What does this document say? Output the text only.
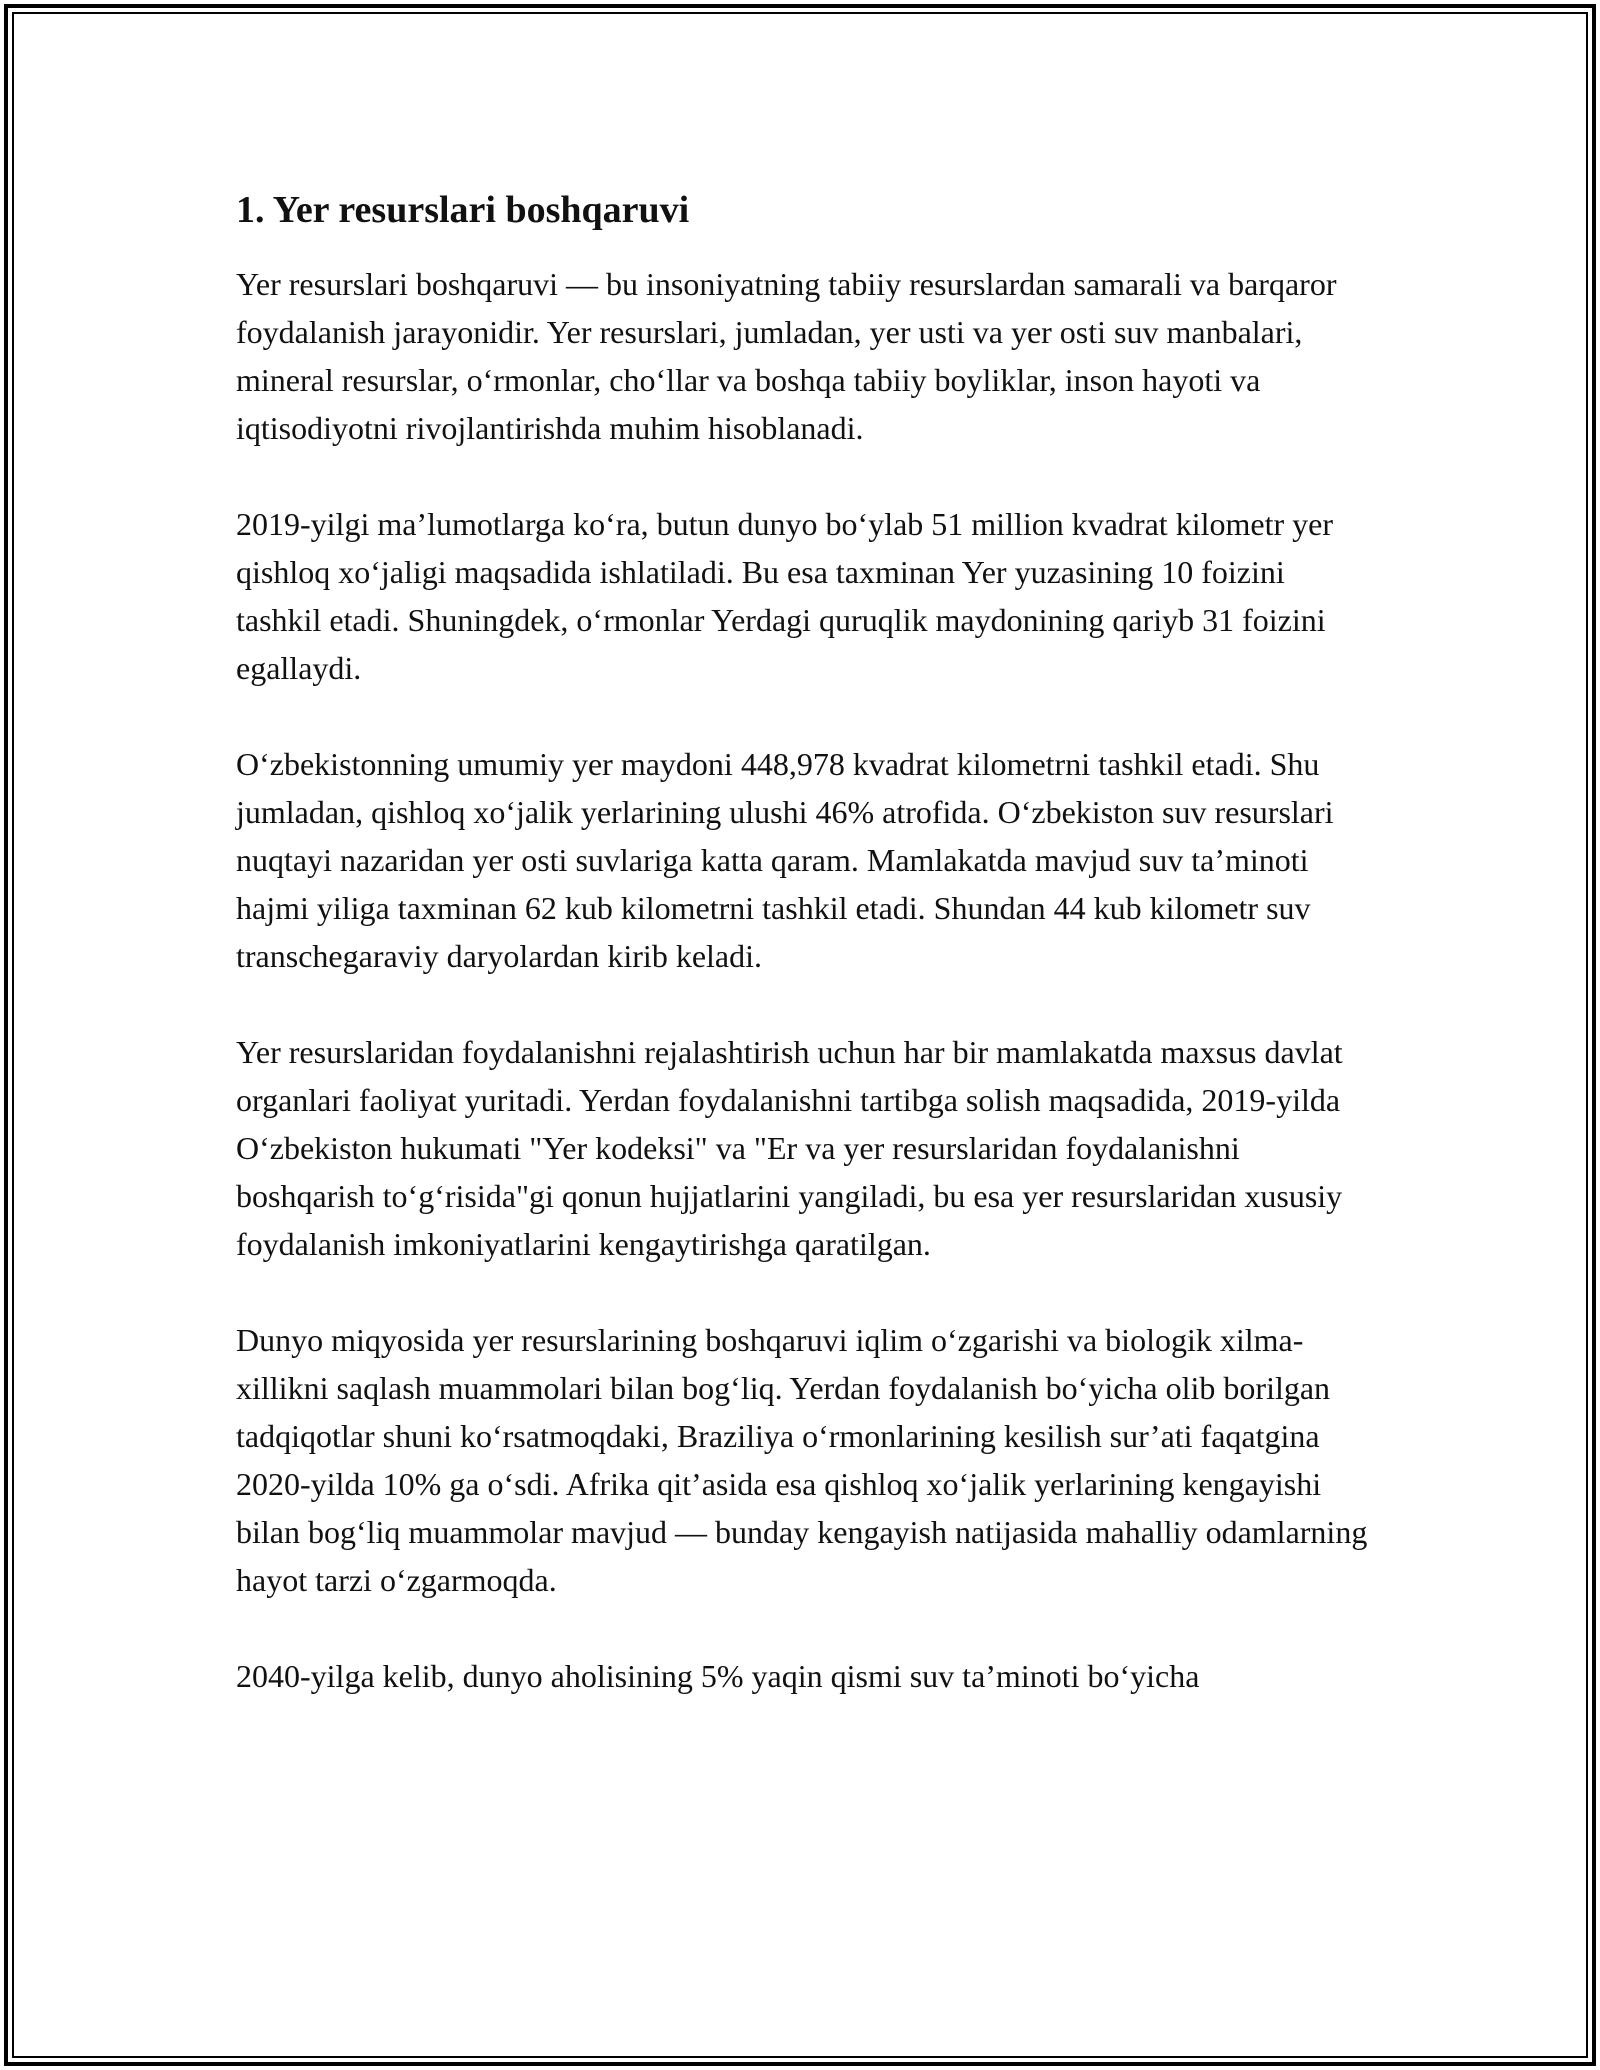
1. Yer resurslari boshqaruvi

Yer resurslari boshqaruvi — bu insoniyatning tabiiy resurslardan samarali va barqaror foydalanish jarayonidir. Yer resurslari, jumladan, yer usti va yer osti suv manbalari, mineral resurslar, o‘rmonlar, cho‘llar va boshqa tabiiy boyliklar, inson hayoti va iqtisodiyotni rivojlantirishda muhim hisoblanadi.

2019-yilgi ma’lumotlarga ko‘ra, butun dunyo bo‘ylab 51 million kvadrat kilometr yer qishloq xo‘jaligi maqsadida ishlatiladi. Bu esa taxminan Yer yuzasining 10 foizini tashkil etadi. Shuningdek, o‘rmonlar Yerdagi quruqlik maydonining qariyb 31 foizini egallaydi.

O‘zbekistonning umumiy yer maydoni 448,978 kvadrat kilometrni tashkil etadi. Shu jumladan, qishloq xo‘jalik yerlarining ulushi 46% atrofida. O‘zbekiston suv resurslari nuqtayi nazaridan yer osti suvlariga katta qaram. Mamlakatda mavjud suv ta’minoti hajmi yiliga taxminan 62 kub kilometrni tashkil etadi. Shundan 44 kub kilometr suv transchegaraviy daryolardan kirib keladi.

Yer resurslaridan foydalanishni rejalashtirish uchun har bir mamlakatda maxsus davlat organlari faoliyat yuritadi. Yerdan foydalanishni tartibga solish maqsadida, 2019-yilda O‘zbekiston hukumati "Yer kodeksi" va "Er va yer resurslaridan foydalanishni boshqarish to‘g‘risida"gi qonun hujjatlarini yangiladi, bu esa yer resurslaridan xususiy foydalanish imkoniyatlarini kengaytirishga qaratilgan.

Dunyo miqyosida yer resurslarining boshqaruvi iqlim o‘zgarishi va biologik xilma-xillikni saqlash muammolari bilan bog‘liq. Yerdan foydalanish bo‘yicha olib borilgan tadqiqotlar shuni ko‘rsatmoqdaki, Braziliya o‘rmonlarining kesilish sur’ati faqatgina 2020-yilda 10% ga o‘sdi. Afrika qit’asida esa qishloq xo‘jalik yerlarining kengayishi bilan bog‘liq muammolar mavjud — bunday kengayish natijasida mahalliy odamlarning hayot tarzi o‘zgarmoqda.

2040-yilga kelib, dunyo aholisining 5% yaqin qismi suv ta’minoti bo‘yicha
